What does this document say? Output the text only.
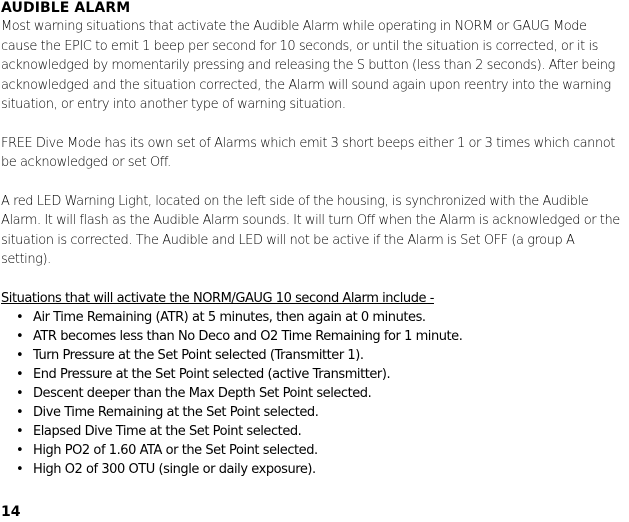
AUDIBLE ALARM

Most warning situations that activate the Audible Alarm while operating in NORM or GAUG Mode cause the EPIC to emit 1 beep per second for 10 seconds, or until the situation is corrected, or it is acknowledged by momentarily pressing and releasing the S button (less than 2 seconds). After being acknowledged and the situation corrected, the Alarm will sound again upon reentry into the warning situation, or entry into another type of warning situation.

FREE Dive Mode has its own set of Alarms which emit 3 short beeps either 1 or 3 times which cannot be acknowledged or set Off.

A red LED Warning Light, located on the left side of the housing, is synchronized with the Audible Alarm. It will flash as the Audible Alarm sounds. It will turn Off when the Alarm is acknowledged or the situation is corrected. The Audible and LED will not be active if the Alarm is Set OFF (a group A setting).

Situations that will activate the NORM/GAUG 10 second Alarm include -

• Air Time Remaining (ATR) at 5 minutes, then again at 0 minutes.
• ATR becomes less than No Deco and O2 Time Remaining for 1 minute.
• Turn Pressure at the Set Point selected (Transmitter 1).
• End Pressure at the Set Point selected (active Transmitter).
• Descent deeper than the Max Depth Set Point selected.
• Dive Time Remaining at the Set Point selected.
• Elapsed Dive Time at the Set Point selected.
• High PO2 of 1.60 ATA or the Set Point selected.
• High O2 of 300 OTU (single or daily exposure).
14
